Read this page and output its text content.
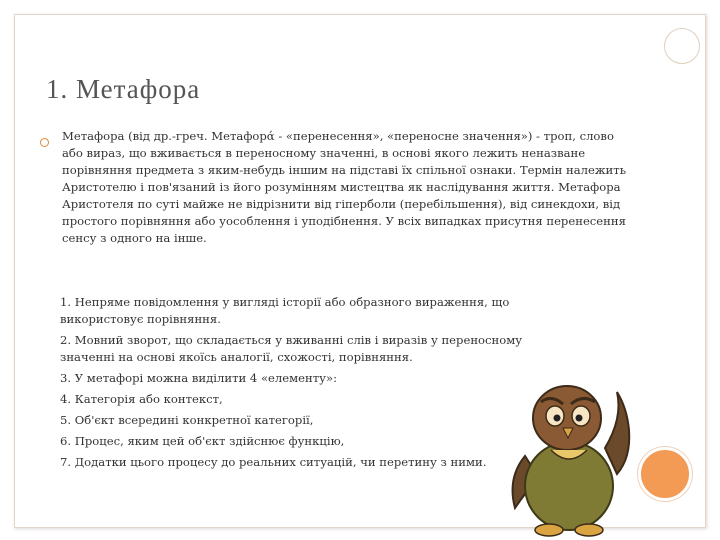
1. Метафора
Метафора (від др.-греч. Метафорά - «перенесення», «переносне значення») - троп, слово або вираз, що вживається в переносному значенні, в основі якого лежить неназване порівняння предмета з яким-небудь іншим на підставі їх спільної ознаки. Термін належить Аристотелю і пов'язаний із його розумінням мистецтва як наслідування життя. Метафора Аристотеля по суті майже не відрізнити від гіперболи (перебільшення), від синекдохи, від простого порівняння або уособлення і уподібнення. У всіх випадках присутня перенесення сенсу з одного на інше.
1. Непряме повідомлення у вигляді історії або образного вираження, що використовує порівняння.
2. Мовний зворот, що складається у вживанні слів і виразів у переносному значенні на основі якоїсь аналогії, схожості, порівняння.
3. У метафорі можна виділити 4 «елементу»:
4. Категорія або контекст,
5. Об'єкт всередині конкретної категорії,
6. Процес, яким цей об'єкт здійснює функцію,
7. Додатки цього процесу до реальних ситуацій, чи перетину з ними.
